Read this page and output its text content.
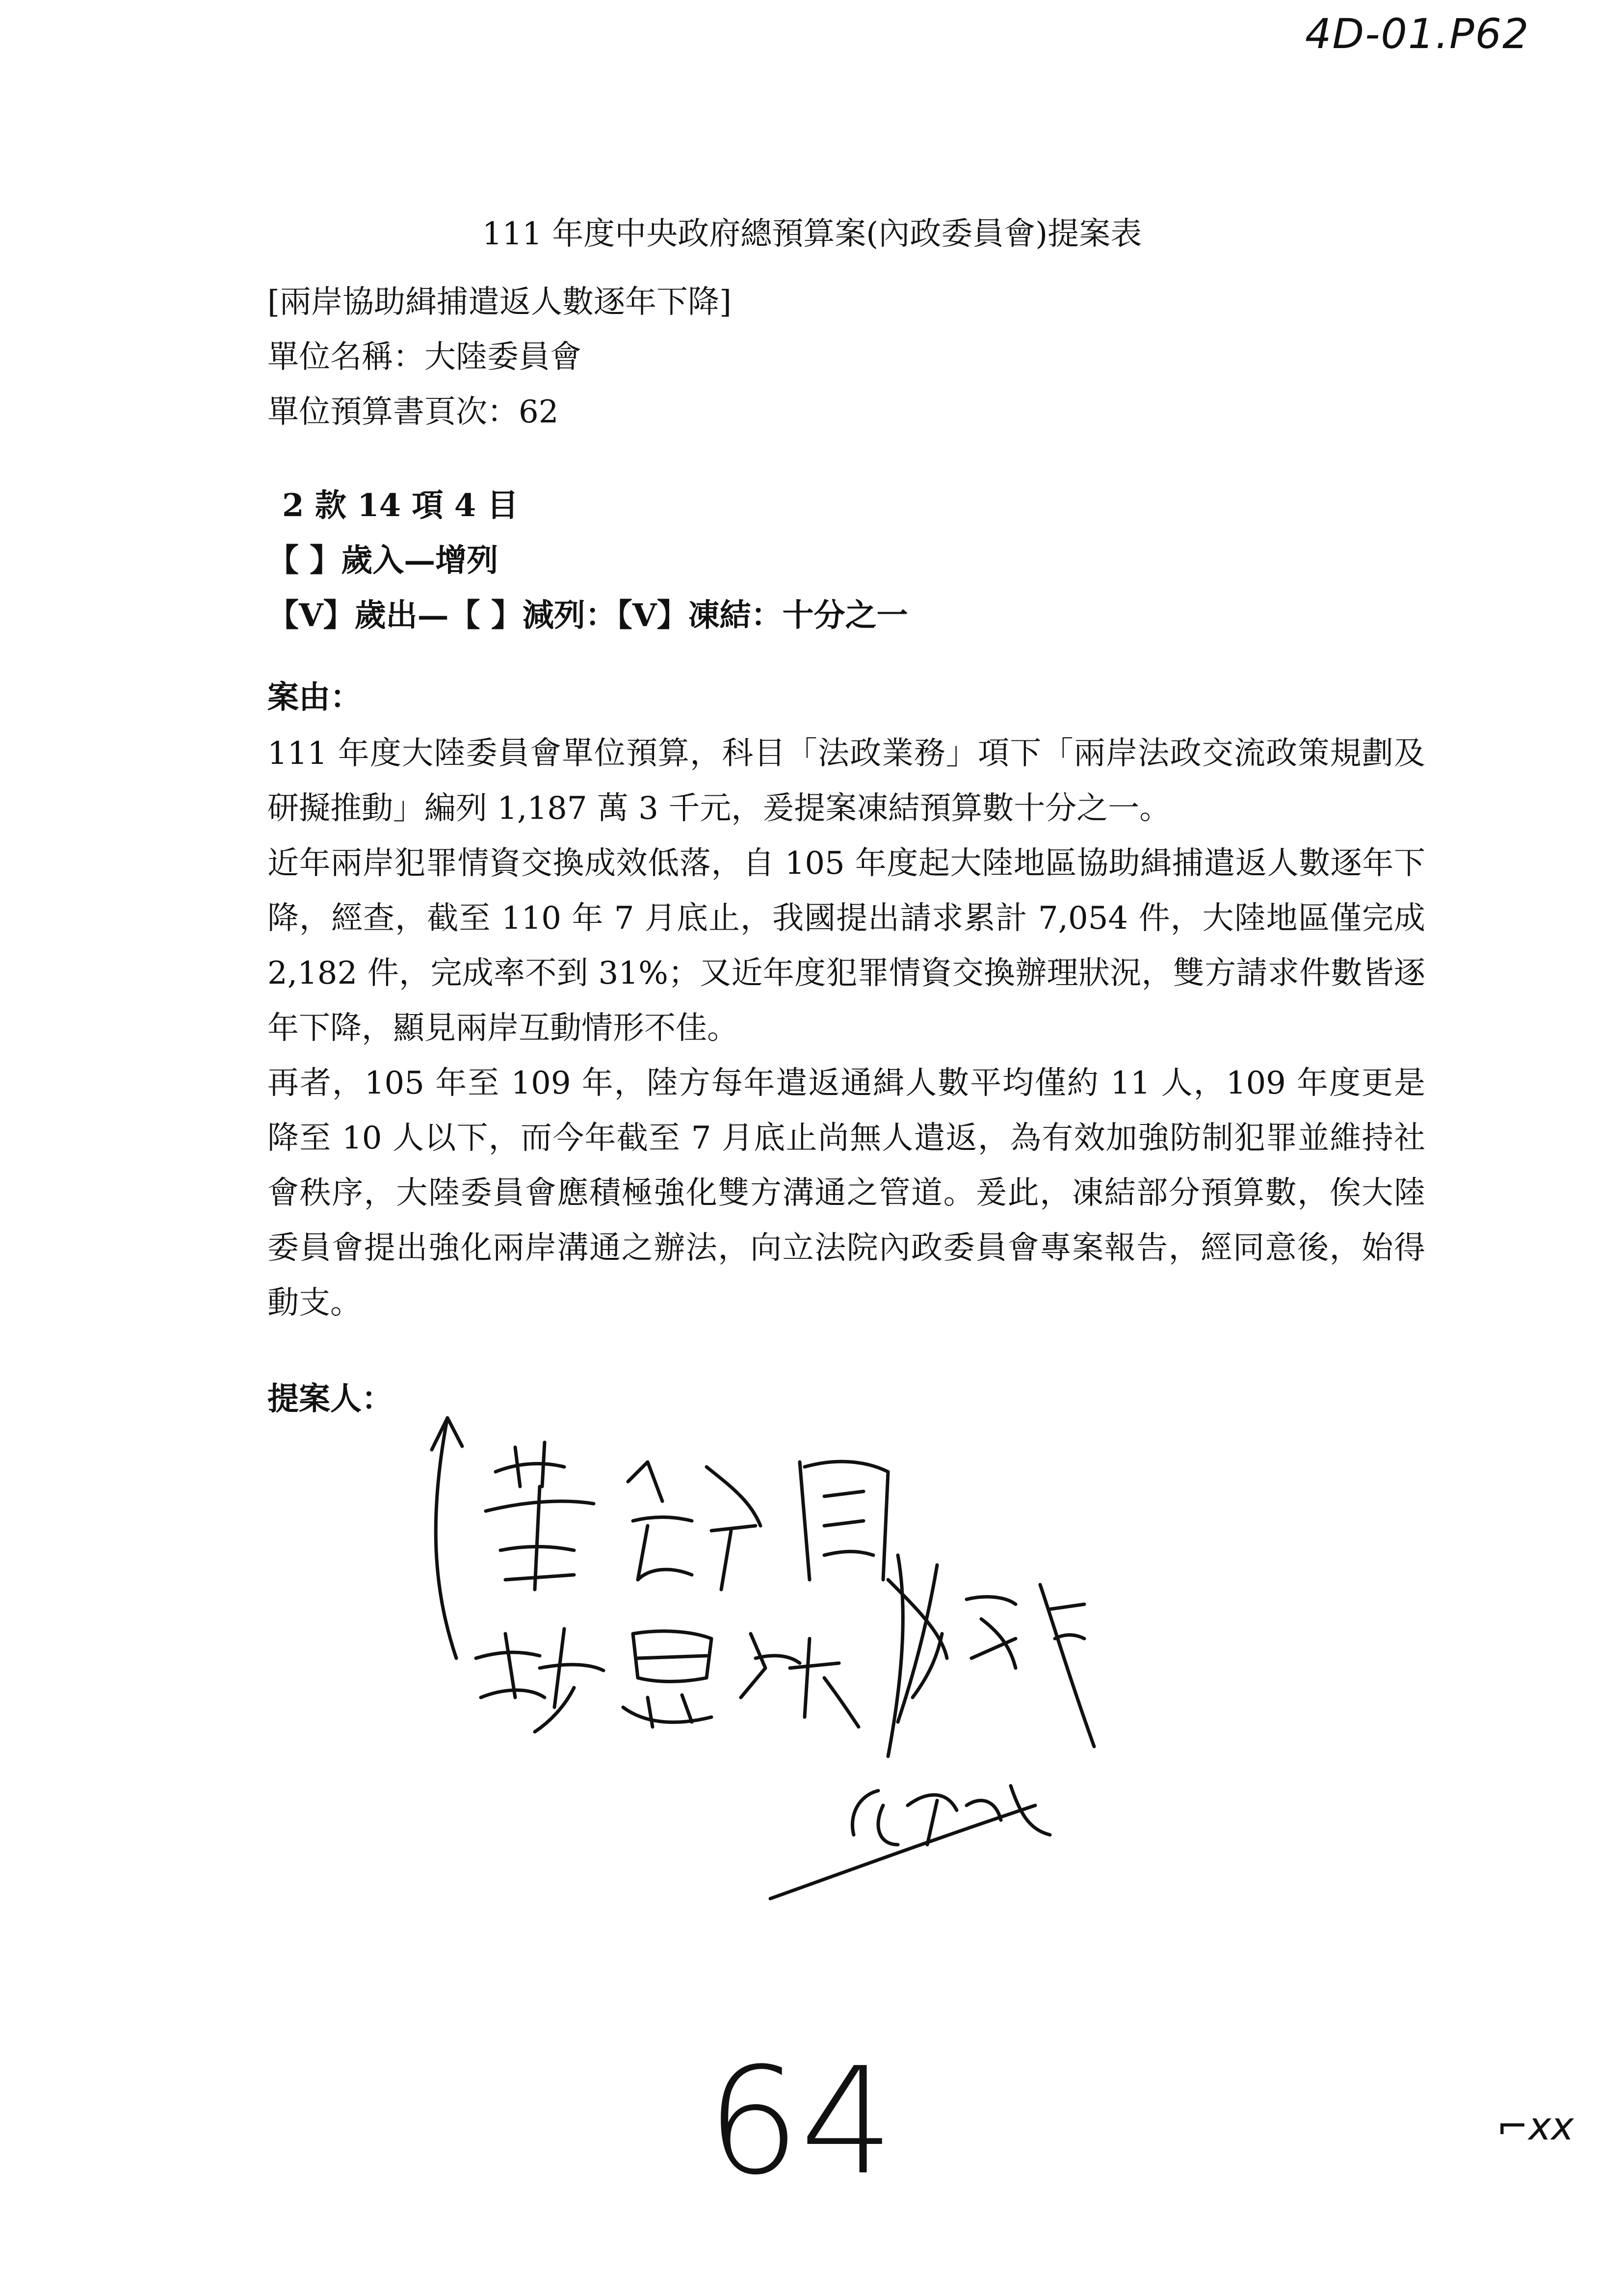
4D-01.P62
111 年度中央政府總預算案(內政委員會)提案表
[兩岸協助緝捕遣返人數逐年下降]
單位名稱：大陸委員會
單位預算書頁次：62
2 款 14 項 4 目
【 】歲入—增列
【V】歲出—【 】減列：【V】凍結：十分之一
案由：

111 年度大陸委員會單位預算，科目「法政業務」項下「兩岸法政交流政策規劃及研擬推動」編列 1,187 萬 3 千元，爰提案凍結預算數十分之一。

近年兩岸犯罪情資交換成效低落，自 105 年度起大陸地區協助緝捕遣返人數逐年下降，經查，截至 110 年 7 月底止，我國提出請求累計 7,054 件，大陸地區僅完成 2,182 件，完成率不到 31%；又近年度犯罪情資交換辦理狀況，雙方請求件數皆逐年下降，顯見兩岸互動情形不佳。

再者，105 年至 109 年，陸方每年遣返通緝人數平均僅約 11 人，109 年度更是降至 10 人以下，而今年截至 7 月底止尚無人遣返，為有效加強防制犯罪並維持社會秩序，大陸委員會應積極強化雙方溝通之管道。爰此，凍結部分預算數，俟大陸委員會提出強化兩岸溝通之辦法，向立法院內政委員會專案報告，經同意後，始得動支。

提案人：
64	⌐xx
